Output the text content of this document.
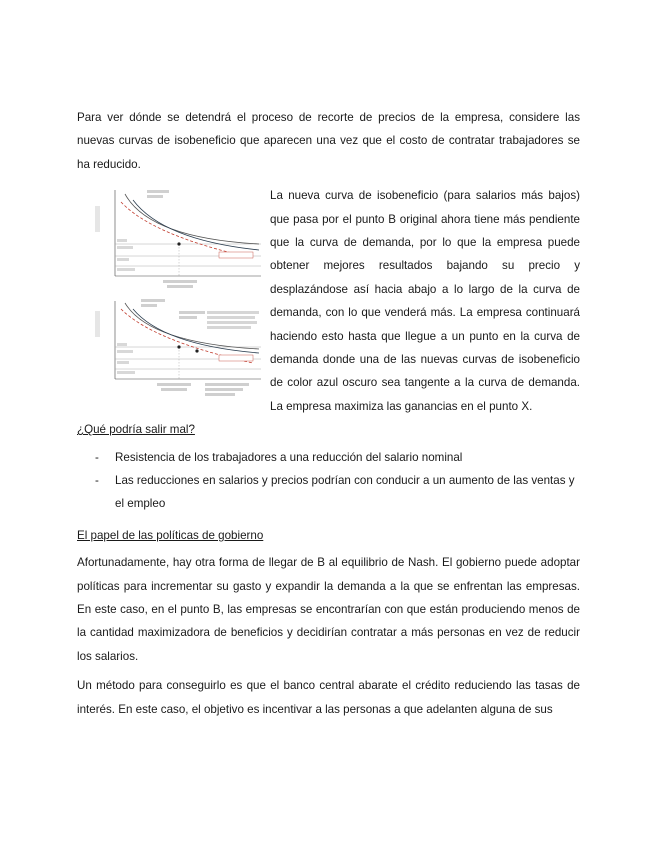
Para ver dónde se detendrá el proceso de recorte de precios de la empresa, considere las nuevas curvas de isobeneficio que aparecen una vez que el costo de contratar trabajadores se ha reducido.

La nueva curva de isobeneficio (para salarios más bajos) que pasa por el punto B original ahora tiene más pendiente que la curva de demanda, por lo que la empresa puede obtener mejores resultados bajando su precio y desplazándose así hacia abajo a lo largo de la curva de demanda, con lo que venderá más. La empresa continuará haciendo esto hasta que llegue a un punto en la curva de demanda donde una de las nuevas curvas de isobeneficio de color azul oscuro sea tangente a la curva de demanda. La empresa maximiza las ganancias en el punto X.

¿Qué podría salir mal?

- Resistencia de los trabajadores a una reducción del salario nominal
- Las reducciones en salarios y precios podrían con conducir a un aumento de las ventas y el empleo

El papel de las políticas de gobierno

Afortunadamente, hay otra forma de llegar de B al equilibrio de Nash. El gobierno puede adoptar políticas para incrementar su gasto y expandir la demanda a la que se enfrentan las empresas. En este caso, en el punto B, las empresas se encontrarían con que están produciendo menos de la cantidad maximizadora de beneficios y decidirían contratar a más personas en vez de reducir los salarios.

Un método para conseguirlo es que el banco central abarate el crédito reduciendo las tasas de interés. En este caso, el objetivo es incentivar a las personas a que adelanten alguna de sus
